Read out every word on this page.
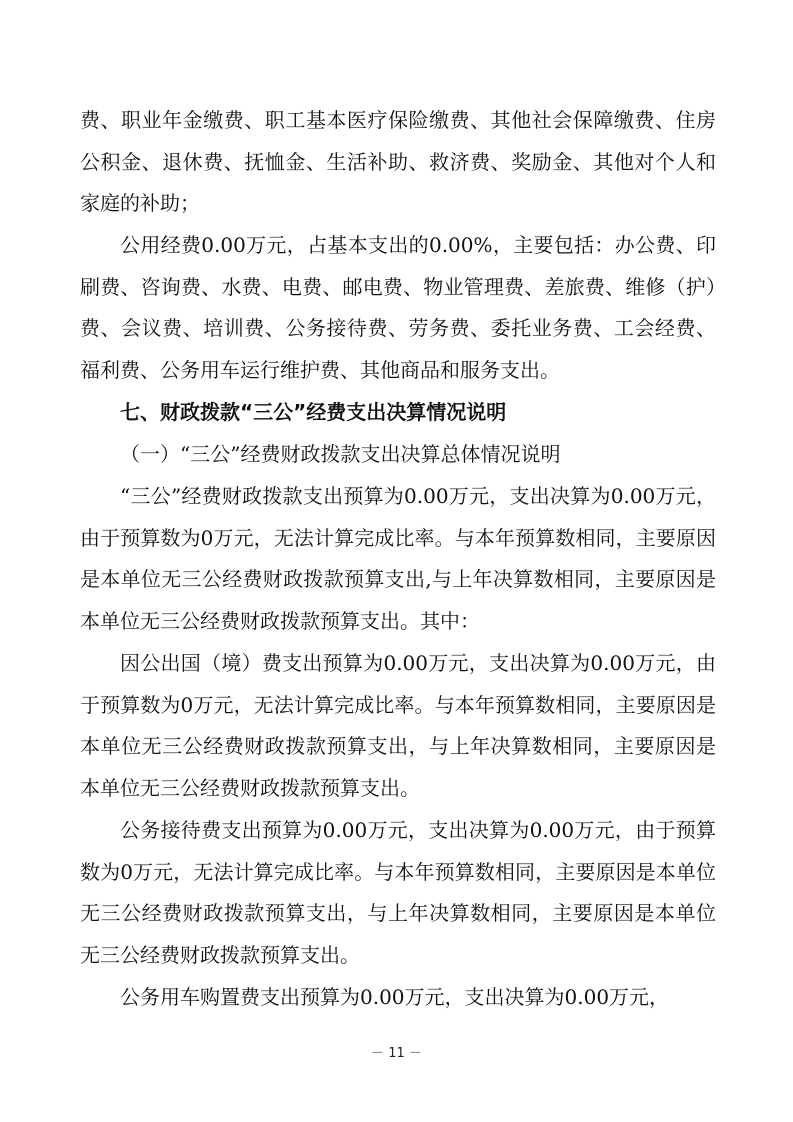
费、职业年金缴费、职工基本医疗保险缴费、其他社会保障缴费、住房公积金、退休费、抚恤金、生活补助、救济费、奖励金、其他对个人和家庭的补助；

公用经费0.00万元，占基本支出的0.00%，主要包括：办公费、印刷费、咨询费、水费、电费、邮电费、物业管理费、差旅费、维修（护）费、会议费、培训费、公务接待费、劳务费、委托业务费、工会经费、福利费、公务用车运行维护费、其他商品和服务支出。

七、财政拨款“三公”经费支出决算情况说明

（一）“三公”经费财政拨款支出决算总体情况说明

“三公”经费财政拨款支出预算为0.00万元，支出决算为0.00万元，由于预算数为0万元，无法计算完成比率。与本年预算数相同，主要原因是本单位无三公经费财政拨款预算支出,与上年决算数相同，主要原因是本单位无三公经费财政拨款预算支出。其中：

因公出国（境）费支出预算为0.00万元，支出决算为0.00万元，由于预算数为0万元，无法计算完成比率。与本年预算数相同，主要原因是本单位无三公经费财政拨款预算支出，与上年决算数相同，主要原因是本单位无三公经费财政拨款预算支出。

公务接待费支出预算为0.00万元，支出决算为0.00万元，由于预算数为0万元，无法计算完成比率。与本年预算数相同，主要原因是本单位无三公经费财政拨款预算支出，与上年决算数相同，主要原因是本单位无三公经费财政拨款预算支出。

公务用车购置费支出预算为0.00万元，支出决算为0.00万元，

－ 11 －
